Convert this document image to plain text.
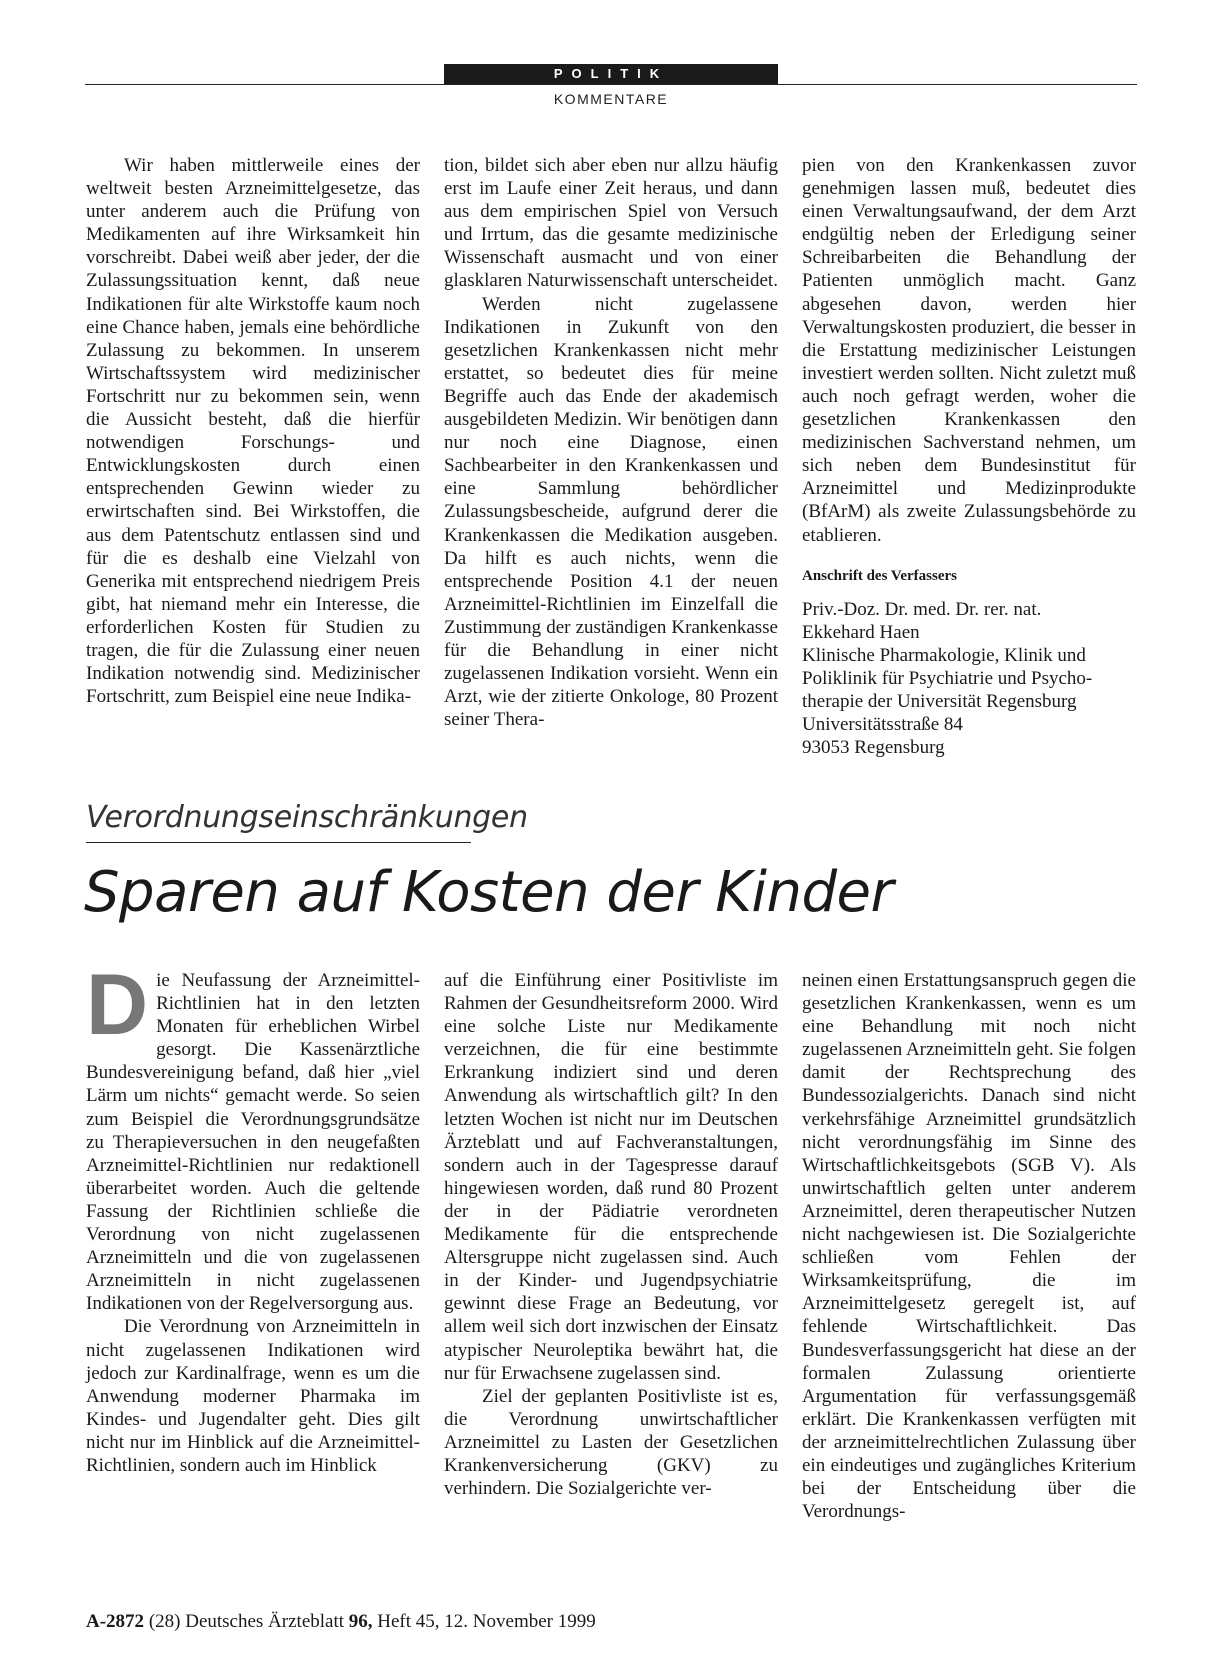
POLITIK
KOMMENTARE

Wir haben mittlerweile eines der weltweit besten Arzneimittelgesetze, das unter anderem auch die Prüfung von Medikamenten auf ihre Wirksamkeit hin vorschreibt. Dabei weiß aber jeder, der die Zulassungssituation kennt, daß neue Indikationen für alte Wirkstoffe kaum noch eine Chance haben, jemals eine behördliche Zulassung zu bekommen. In unserem Wirtschaftssystem wird medizinischer Fortschritt nur zu bekommen sein, wenn die Aussicht besteht, daß die hierfür notwendigen Forschungs- und Entwicklungskosten durch einen entsprechenden Gewinn wieder zu erwirtschaften sind. Bei Wirkstoffen, die aus dem Patentschutz entlassen sind und für die es deshalb eine Vielzahl von Generika mit entsprechend niedrigem Preis gibt, hat niemand mehr ein Interesse, die erforderlichen Kosten für Studien zu tragen, die für die Zulassung einer neuen Indikation notwendig sind. Medizinischer Fortschritt, zum Beispiel eine neue Indika-

tion, bildet sich aber eben nur allzu häufig erst im Laufe einer Zeit heraus, und dann aus dem empirischen Spiel von Versuch und Irrtum, das die gesamte medizinische Wissenschaft ausmacht und von einer glasklaren Naturwissenschaft unterscheidet.

Werden nicht zugelassene Indikationen in Zukunft von den gesetzlichen Krankenkassen nicht mehr erstattet, so bedeutet dies für meine Begriffe auch das Ende der akademisch ausgebildeten Medizin. Wir benötigen dann nur noch eine Diagnose, einen Sachbearbeiter in den Krankenkassen und eine Sammlung behördlicher Zulassungsbescheide, aufgrund derer die Krankenkassen die Medikation ausgeben. Da hilft es auch nichts, wenn die entsprechende Position 4.1 der neuen Arzneimittel-Richtlinien im Einzelfall die Zustimmung der zuständigen Krankenkasse für die Behandlung in einer nicht zugelassenen Indikation vorsieht. Wenn ein Arzt, wie der zitierte Onkologe, 80 Prozent seiner Thera-

pien von den Krankenkassen zuvor genehmigen lassen muß, bedeutet dies einen Verwaltungsaufwand, der dem Arzt endgültig neben der Erledigung seiner Schreibarbeiten die Behandlung der Patienten unmöglich macht. Ganz abgesehen davon, werden hier Verwaltungskosten produziert, die besser in die Erstattung medizinischer Leistungen investiert werden sollten. Nicht zuletzt muß auch noch gefragt werden, woher die gesetzlichen Krankenkassen den medizinischen Sachverstand nehmen, um sich neben dem Bundesinstitut für Arzneimittel und Medizinprodukte (BfArM) als zweite Zulassungsbehörde zu etablieren.

Anschrift des Verfassers
Priv.-Doz. Dr. med. Dr. rer. nat.
Ekkehard Haen
Klinische Pharmakologie, Klinik und
Poliklinik für Psychiatrie und Psycho-
therapie der Universität Regensburg
Universitätsstraße 84
93053 Regensburg
Verordnungseinschränkungen
Sparen auf Kosten der Kinder

Die Neufassung der Arzneimittel-Richtlinien hat in den letzten Monaten für erheblichen Wirbel gesorgt. Die Kassenärztliche Bundesvereinigung befand, daß hier „viel Lärm um nichts“ gemacht werde. So seien zum Beispiel die Verordnungsgrundsätze zu Therapieversuchen in den neugefaßten Arzneimittel-Richtlinien nur redaktionell überarbeitet worden. Auch die geltende Fassung der Richtlinien schließe die Verordnung von nicht zugelassenen Arzneimitteln und die von zugelassenen Arzneimitteln in nicht zugelassenen Indikationen von der Regelversorgung aus.

Die Verordnung von Arzneimitteln in nicht zugelassenen Indikationen wird jedoch zur Kardinalfrage, wenn es um die Anwendung moderner Pharmaka im Kindes- und Jugendalter geht. Dies gilt nicht nur im Hinblick auf die Arzneimittel-Richtlinien, sondern auch im Hinblick

auf die Einführung einer Positivliste im Rahmen der Gesundheitsreform 2000. Wird eine solche Liste nur Medikamente verzeichnen, die für eine bestimmte Erkrankung indiziert sind und deren Anwendung als wirtschaftlich gilt? In den letzten Wochen ist nicht nur im Deutschen Ärzteblatt und auf Fachveranstaltungen, sondern auch in der Tagespresse darauf hingewiesen worden, daß rund 80 Prozent der in der Pädiatrie verordneten Medikamente für die entsprechende Altersgruppe nicht zugelassen sind. Auch in der Kinder- und Jugendpsychiatrie gewinnt diese Frage an Bedeutung, vor allem weil sich dort inzwischen der Einsatz atypischer Neuroleptika bewährt hat, die nur für Erwachsene zugelassen sind.

Ziel der geplanten Positivliste ist es, die Verordnung unwirtschaftlicher Arzneimittel zu Lasten der Gesetzlichen Krankenversicherung (GKV) zu verhindern. Die Sozialgerichte ver-

neinen einen Erstattungsanspruch gegen die gesetzlichen Krankenkassen, wenn es um eine Behandlung mit noch nicht zugelassenen Arzneimitteln geht. Sie folgen damit der Rechtsprechung des Bundessozialgerichts. Danach sind nicht verkehrsfähige Arzneimittel grundsätzlich nicht verordnungsfähig im Sinne des Wirtschaftlichkeitsgebots (SGB V). Als unwirtschaftlich gelten unter anderem Arzneimittel, deren therapeutischer Nutzen nicht nachgewiesen ist. Die Sozialgerichte schließen vom Fehlen der Wirksamkeitsprüfung, die im Arzneimittelgesetz geregelt ist, auf fehlende Wirtschaftlichkeit. Das Bundesverfassungsgericht hat diese an der formalen Zulassung orientierte Argumentation für verfassungsgemäß erklärt. Die Krankenkassen verfügten mit der arzneimittelrechtlichen Zulassung über ein eindeutiges und zugängliches Kriterium bei der Entscheidung über die Verordnungs-

A-2872 (28) Deutsches Ärzteblatt 96, Heft 45, 12. November 1999
